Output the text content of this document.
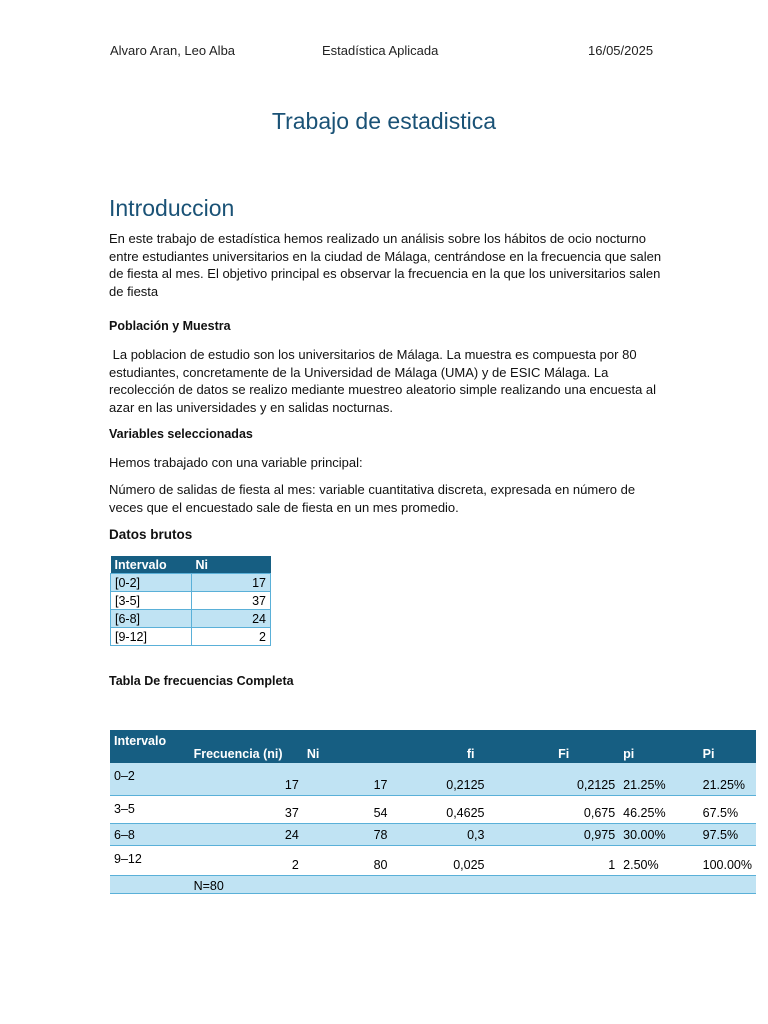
Alvaro Aran, Leo Alba	Estadística Aplicada	16/05/2025
Trabajo de estadistica
Introduccion
En este trabajo de estadística hemos realizado un análisis sobre los hábitos de ocio nocturno entre estudiantes universitarios en la ciudad de Málaga, centrándose en la frecuencia que salen de fiesta al mes. El objetivo principal es observar la frecuencia en la que los universitarios salen de fiesta
Población y Muestra
La poblacion de estudio son los universitarios de Málaga. La muestra es compuesta por 80 estudiantes, concretamente de la Universidad de Málaga (UMA) y de ESIC Málaga. La recolección de datos se realizo mediante muestreo aleatorio simple realizando una encuesta al azar en las universidades y en salidas nocturnas.
Variables seleccionadas
Hemos trabajado con una variable principal:
Número de salidas de fiesta al mes: variable cuantitativa discreta, expresada en número de veces que el encuestado sale de fiesta en un mes promedio.
Datos brutos
Intervalo	Ni
[0-2]	17
[3-5]	37
[6-8]	24
[9-12]	2
Tabla De frecuencias Completa
Intervalo	Frecuencia (ni)	Ni	fi	Fi	pi	Pi
0–2	17	17	0,2125	0,2125	21.25%	21.25%
3–5	37	54	0,4625	0,675	46.25%	67.5%
6–8	24	78	0,3	0,975	30.00%	97.5%
9–12	2	80	0,025	1	2.50%	100.00%
	N=80					
